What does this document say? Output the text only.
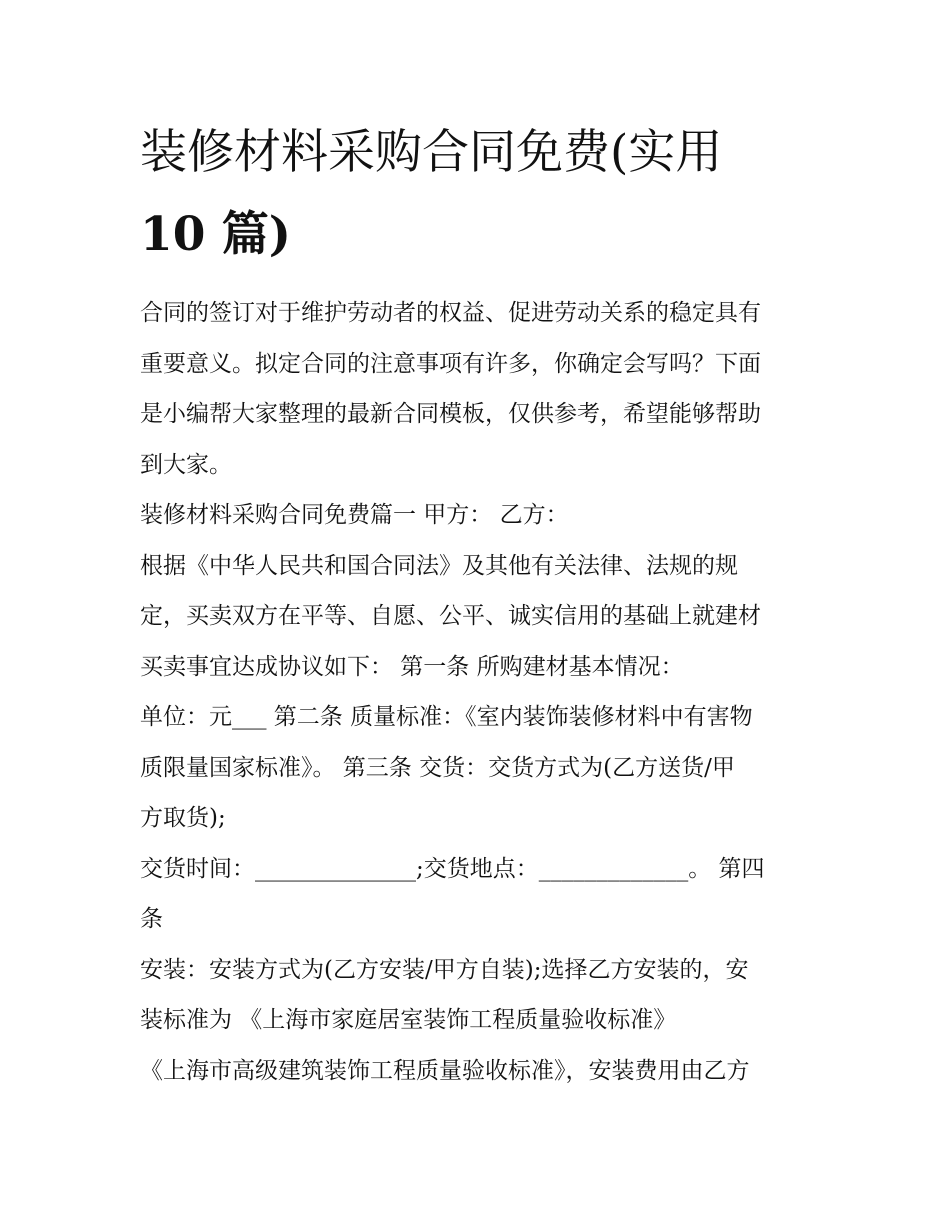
装修材料采购合同免费(实用
10 篇)
合同的签订对于维护劳动者的权益、促进劳动关系的稳定具有
重要意义。拟定合同的注意事项有许多，你确定会写吗？下面
是小编帮大家整理的最新合同模板，仅供参考，希望能够帮助
到大家。
装修材料采购合同免费篇一 甲方： 乙方：
根据《中华人民共和国合同法》及其他有关法律、法规的规
定，买卖双方在平等、自愿、公平、诚实信用的基础上就建材
买卖事宜达成协议如下： 第一条 所购建材基本情况：
单位：元___ 第二条 质量标准：《室内装饰装修材料中有害物
质限量国家标准》。 第三条 交货：交货方式为(乙方送货/甲
方取货);
交货时间：______________;交货地点：_____________。 第四
条
安装：安装方式为(乙方安装/甲方自装);选择乙方安装的，安
装标准为 《上海市家庭居室装饰工程质量验收标准》
《上海市高级建筑装饰工程质量验收标准》，安装费用由乙方
